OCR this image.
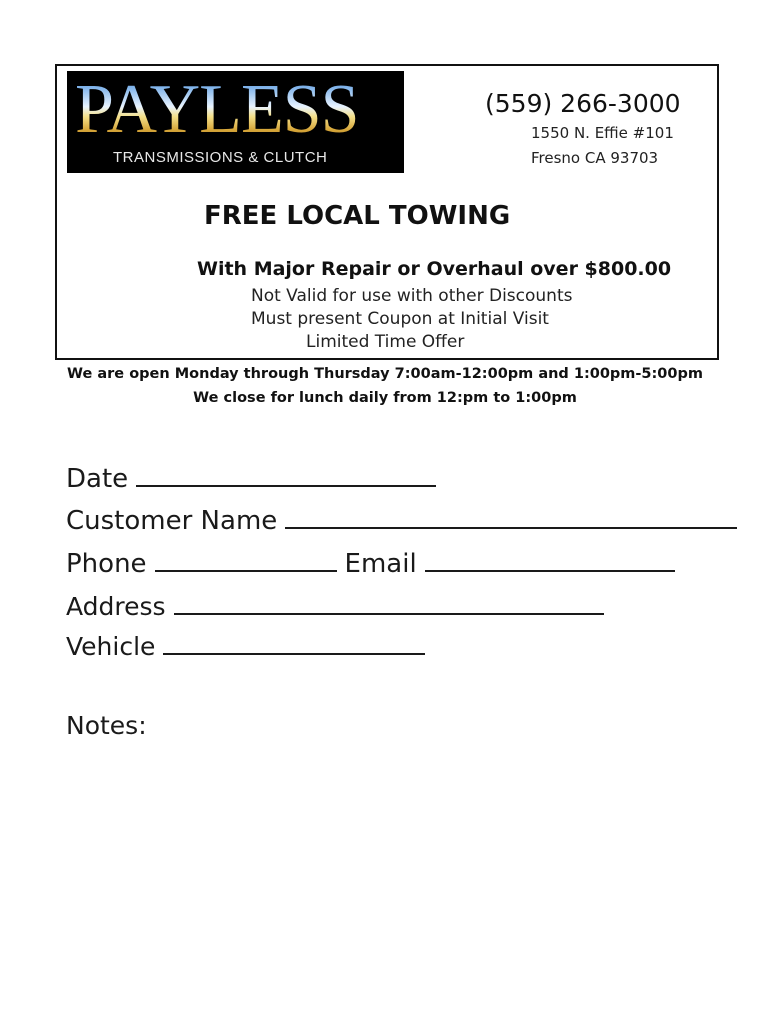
PAYLESS
TRANSMISSIONS & CLUTCH
(559) 266-3000
1550 N. Effie #101
Fresno CA 93703
FREE LOCAL TOWING
With Major Repair or Overhaul over $800.00
Not Valid for use with other Discounts
Must present Coupon at Initial Visit
Limited Time Offer
We are open Monday through Thursday 7:00am-12:00pm and 1:00pm-5:00pm
We close for lunch daily from 12:pm to 1:00pm
Date
Customer Name
Phone	Email
Address
Vehicle
Notes:
